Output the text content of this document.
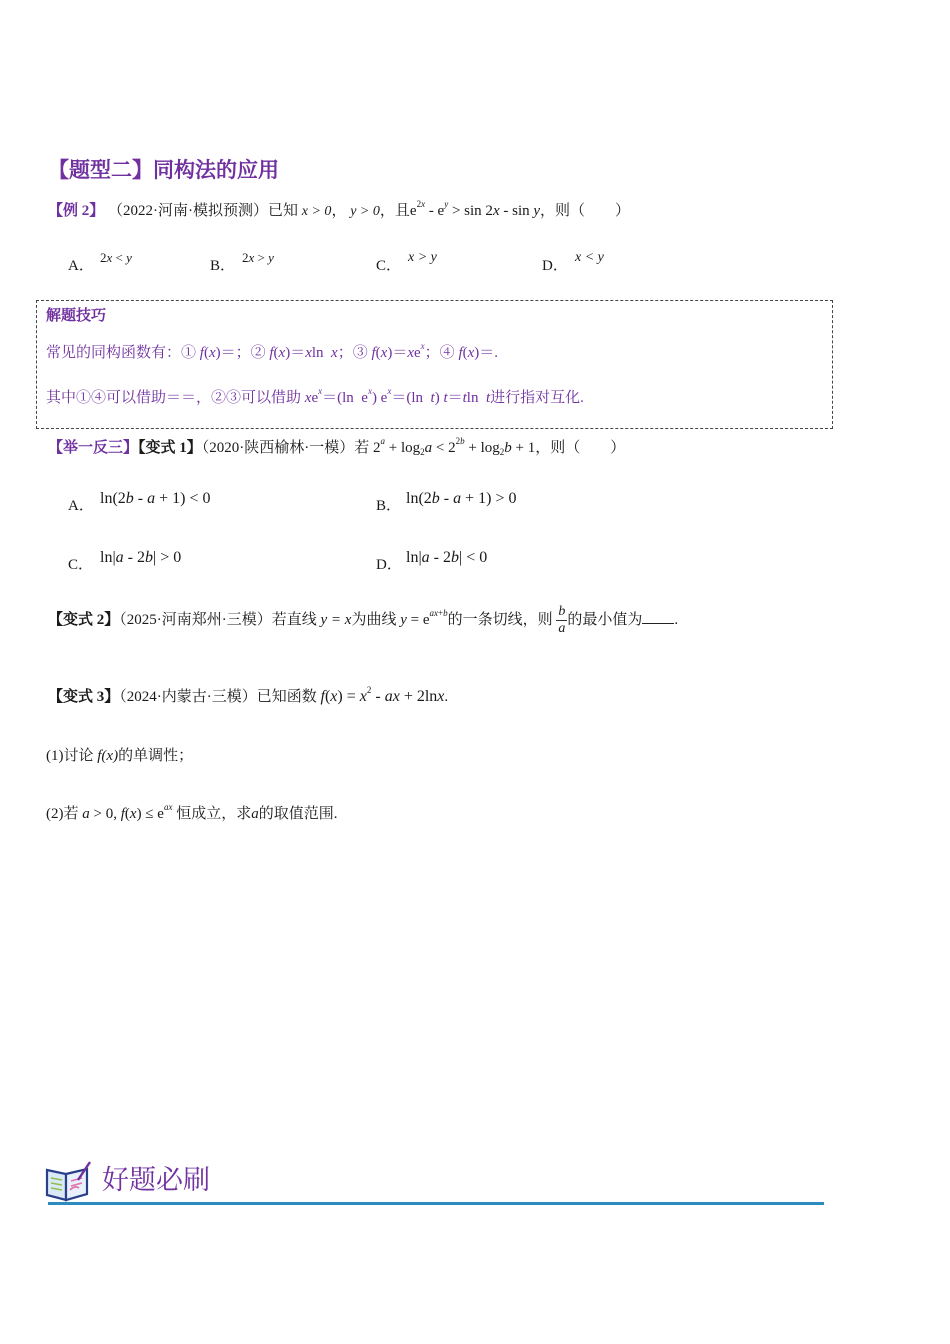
【题型二】同构法的应用
【例 2】 （2022·河南·模拟预测）已知 x > 0， y > 0，且$e^{2x} - e^y > \sin 2x - \sin y$，则（　　）
A．
2x < y
B．
2x > y
C．
x > y
D．
x < y
解题技巧
常见的同构函数有：① f(x)＝；② f(x)＝xln  x；③ $f(x)=xe^x$；④ f(x)＝.
其中①④可以借助＝＝，②③可以借助 $xe^x=(\ln$  $e^x$) $e^x=(\ln$  t) t＝tln  t进行指对互化.
【举一反三】【变式 1】（2020·陕西榆林·一模）若 $2^a + \log_2a < 2^{2b} + \log_2b + 1$，则（　　）
A． ln(2b - a + 1) < 0	B． ln(2b - a + 1) > 0
C． ln|a - 2b| > 0	D． ln|a - 2b| < 0
【变式 2】（2025·河南郑州·三模）若直线 y = x为曲线 $y = e^{ax+b}$的一条切线，则 $\frac{b}{a}$ 的最小值为 .
【变式 3】（2024·内蒙古·三模）已知函数 $f(x) = x^2$ - ax + 2lnx.
(1)讨论 f(x)的单调性；
(2)若 a > 0, $f(x) \le e^{ax}$ 恒成立，求a的取值范围.
好题必刷
